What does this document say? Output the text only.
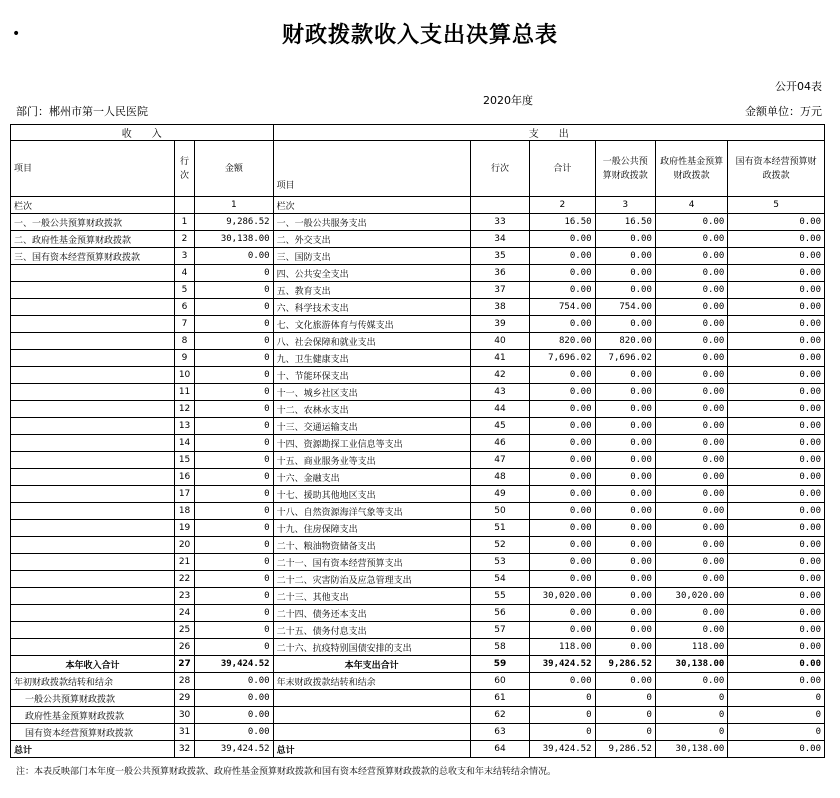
•	财政拨款收入支出决算总表
公开04表
部门：郴州市第一人民医院
2020年度
金额单位：万元
收　　入			支　　出					
项目	行次	金额	项目	行次	合计	一般公共预算财政拨款	政府性基金预算财政拨款	国有资本经营预算财政拨款
栏次		1	栏次		2	3	4	5
一、一般公共预算财政拨款	1	9,286.52	一、一般公共服务支出	33	16.50	16.50	0.00	0.00
二、政府性基金预算财政拨款	2	30,138.00	二、外交支出	34	0.00	0.00	0.00	0.00
三、国有资本经营预算财政拨款	3	0.00	三、国防支出	35	0.00	0.00	0.00	0.00
	4	0	四、公共安全支出	36	0.00	0.00	0.00	0.00
	5	0	五、教育支出	37	0.00	0.00	0.00	0.00
	6	0	六、科学技术支出	38	754.00	754.00	0.00	0.00
	7	0	七、文化旅游体育与传媒支出	39	0.00	0.00	0.00	0.00
	8	0	八、社会保障和就业支出	40	820.00	820.00	0.00	0.00
	9	0	九、卫生健康支出	41	7,696.02	7,696.02	0.00	0.00
	10	0	十、节能环保支出	42	0.00	0.00	0.00	0.00
	11	0	十一、城乡社区支出	43	0.00	0.00	0.00	0.00
	12	0	十二、农林水支出	44	0.00	0.00	0.00	0.00
	13	0	十三、交通运输支出	45	0.00	0.00	0.00	0.00
	14	0	十四、资源勘探工业信息等支出	46	0.00	0.00	0.00	0.00
	15	0	十五、商业服务业等支出	47	0.00	0.00	0.00	0.00
	16	0	十六、金融支出	48	0.00	0.00	0.00	0.00
	17	0	十七、援助其他地区支出	49	0.00	0.00	0.00	0.00
	18	0	十八、自然资源海洋气象等支出	50	0.00	0.00	0.00	0.00
	19	0	十九、住房保障支出	51	0.00	0.00	0.00	0.00
	20	0	二十、粮油物资储备支出	52	0.00	0.00	0.00	0.00
	21	0	二十一、国有资本经营预算支出	53	0.00	0.00	0.00	0.00
	22	0	二十二、灾害防治及应急管理支出	54	0.00	0.00	0.00	0.00
	23	0	二十三、其他支出	55	30,020.00	0.00	30,020.00	0.00
	24	0	二十四、债务还本支出	56	0.00	0.00	0.00	0.00
	25	0	二十五、债务付息支出	57	0.00	0.00	0.00	0.00
	26	0	二十六、抗疫特别国债安排的支出	58	118.00	0.00	118.00	0.00
本年收入合计	27	39,424.52	本年支出合计	59	39,424.52	9,286.52	30,138.00	0.00
年初财政拨款结转和结余	28	0.00	年末财政拨款结转和结余	60	0.00	0.00	0.00	0.00
一般公共预算财政拨款	29	0.00		61	0	0	0	0
政府性基金预算财政拨款	30	0.00		62	0	0	0	0
国有资本经营预算财政拨款	31	0.00		63	0	0	0	0
总计	32	39,424.52	总计	64	39,424.52	9,286.52	30,138.00	0.00
注：本表反映部门本年度一般公共预算财政拨款、政府性基金预算财政拨款和国有资本经营预算财政拨款的总收支和年末结转结余情况。
